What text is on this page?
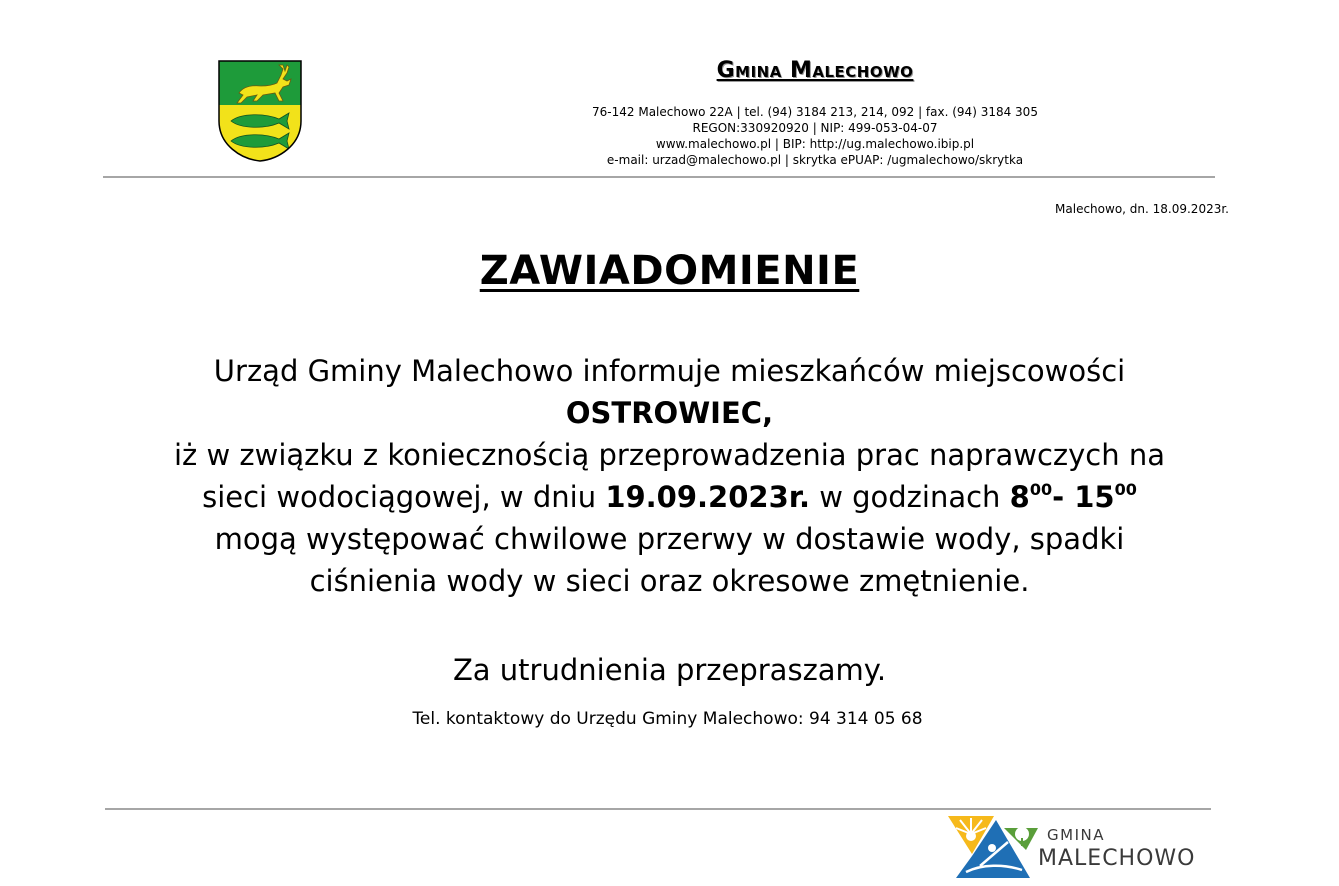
Gmina Malechowo
76-142 Malechowo 22A | tel. (94) 3184 213, 214, 092 | fax. (94) 3184 305
REGON:330920920 | NIP: 499-053-04-07
www.malechowo.pl | BIP: http://ug.malechowo.ibip.pl
e-mail: urzad@malechowo.pl | skrytka ePUAP: /ugmalechowo/skrytka
Malechowo, dn. 18.09.2023r.
ZAWIADOMIENIE
Urząd Gminy Malechowo informuje mieszkańców miejscowości
OSTROWIEC,
iż w związku z koniecznością przeprowadzenia prac naprawczych na
sieci wodociągowej, w dniu 19.09.2023r. w godzinach $8^{00}-$ $15^{00}$
mogą występować chwilowe przerwy w dostawie wody, spadki
ciśnienia wody w sieci oraz okresowe zmętnienie.
Za utrudnienia przepraszamy.
Tel. kontaktowy do Urzędu Gminy Malechowo: 94 314 05 68
GMINA
MALECHOWO
